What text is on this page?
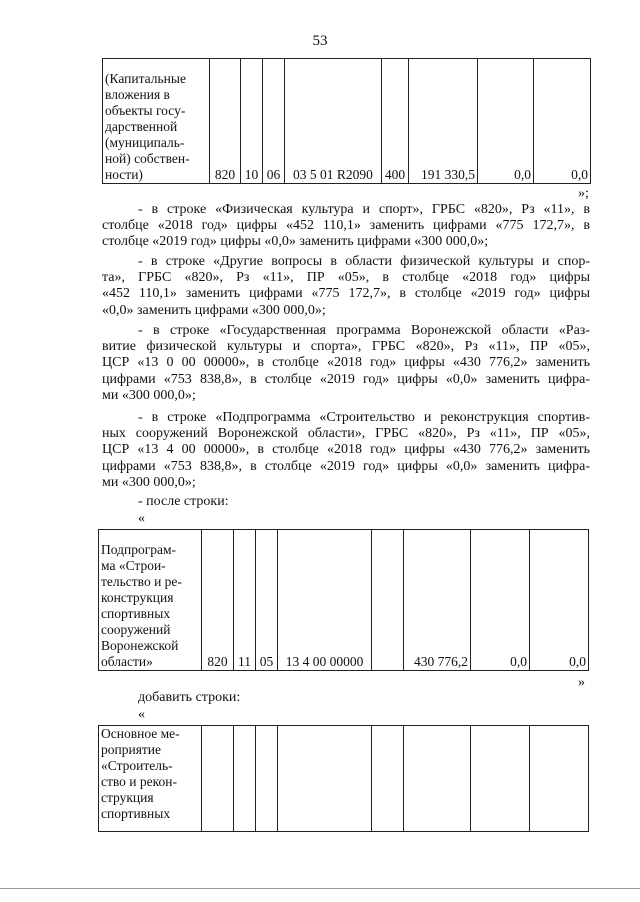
53
(Капитальные
вложения в
объекты госу-
дарственной
(муниципаль-
ной) собствен-
ности)	820	10	06	03 5 01 R2090	400	191 330,5	0,0	0,0
»;
- в строке «Физическая культура и спорт», ГРБС «820», Рз «11», в
столбце «2018 год» цифры «452 110,1» заменить цифрами «775 172,7», в
столбце «2019 год» цифры «0,0» заменить цифрами «300 000,0»;
- в строке «Другие вопросы в области физической культуры и спор-
та», ГРБС «820», Рз «11», ПР «05», в столбце «2018 год» цифры
«452 110,1» заменить цифрами «775 172,7», в столбце «2019 год» цифры
«0,0» заменить цифрами «300 000,0»;
- в строке «Государственная программа Воронежской области «Раз-
витие физической культуры и спорта», ГРБС «820», Рз «11», ПР «05»,
ЦСР «13 0 00 00000», в столбце «2018 год» цифры «430 776,2» заменить
цифрами «753 838,8», в столбце «2019 год» цифры «0,0» заменить цифра-
ми «300 000,0»;
- в строке «Подпрограмма «Строительство и реконструкция спортив-
ных сооружений Воронежской области», ГРБС «820», Рз «11», ПР «05»,
ЦСР «13 4 00 00000», в столбце «2018 год» цифры «430 776,2» заменить
цифрами «753 838,8», в столбце «2019 год» цифры «0,0» заменить цифра-
ми «300 000,0»;
- после строки:
«
Подпрограм-
ма «Строи-
тельство и ре-
конструкция
спортивных
сооружений
Воронежской
области»	820	11	05	13 4 00 00000		430 776,2	0,0	0,0
»
добавить строки:
«
Основное ме-
роприятие
«Строитель-
ство и рекон-
струкция
спортивных
